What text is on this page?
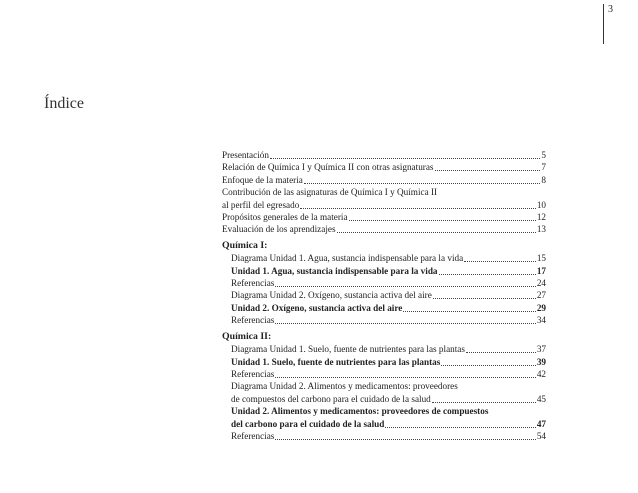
3
Índice
Presentación	5
Relación de Química I y Química II con otras asignaturas	7
Enfoque de la materia	8
Contribución de las asignaturas de Química I y Química II
al perfil del egresado	10
Propósitos generales de la materia	12
Evaluación de los aprendizajes	13
Química I:
Diagrama Unidad 1. Agua, sustancia indispensable para la vida	15
Unidad 1. Agua, sustancia indispensable para la vida	17
Referencias	24
Diagrama Unidad 2. Oxígeno, sustancia activa del aire	27
Unidad 2. Oxígeno, sustancia activa del aire	29
Referencias	34
Química II:
Diagrama Unidad 1. Suelo, fuente de nutrientes para las plantas	37
Unidad 1. Suelo, fuente de nutrientes para las plantas	39
Referencias	42
Diagrama Unidad 2. Alimentos y medicamentos: proveedores
de compuestos del carbono para el cuidado de la salud	45
Unidad 2. Alimentos y medicamentos: proveedores de compuestos
del carbono para el cuidado de la salud	47
Referencias	54
